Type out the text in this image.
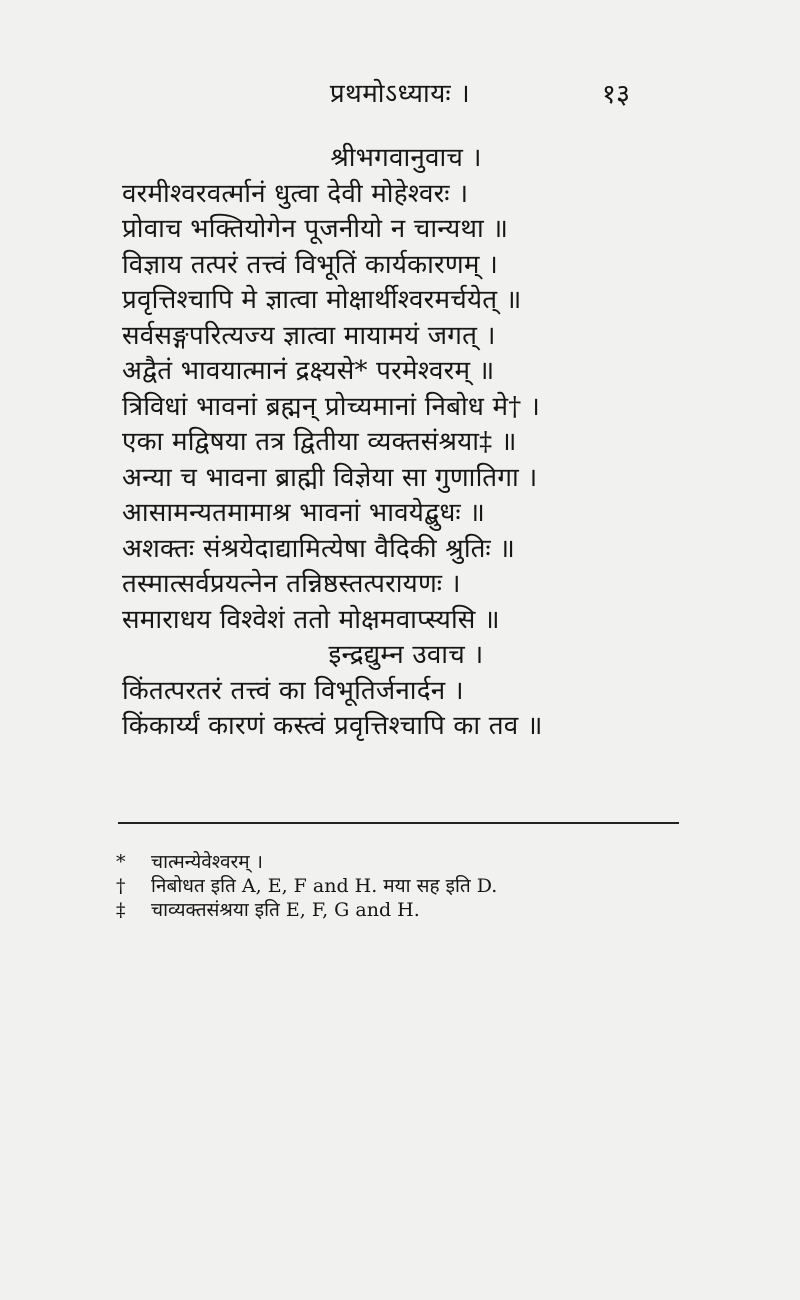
प्रथमोऽध्यायः ।	१३
श्रीभगवानुवाच ।
वरमीश्वरवर्त्मानं धुत्वा देवी मोहेश्वरः ।
प्रोवाच भक्तियोगेन पूजनीयो न चान्यथा ॥
विज्ञाय तत्परं तत्त्वं विभूतिं कार्यकारणम् ।
प्रवृत्तिश्चापि मे ज्ञात्वा मोक्षार्थीश्वरमर्चयेत् ॥
सर्वसङ्गपरित्यज्य ज्ञात्वा मायामयं जगत् ।
अद्वैतं भावयात्मानं द्रक्ष्यसे* परमेश्वरम् ॥
त्रिविधां भावनां ब्रह्मन् प्रोच्यमानां निबोध मे† ।
एका मद्विषया तत्र द्वितीया व्यक्तसंश्रया‡ ॥
अन्या च भावना ब्राह्मी विज्ञेया सा गुणातिगा ।
आसामन्यतमामाश्र भावनां भावयेद्बुधः ॥
अशक्तः संश्रयेदाद्यामित्येषा वैदिकी श्रुतिः ॥
तस्मात्सर्वप्रयत्नेन तन्निष्ठस्तत्परायणः ।
समाराधय विश्वेशं ततो मोक्षमवाप्स्यसि ॥
इन्द्रद्युम्न उवाच ।
किंतत्परतरं तत्त्वं का विभूतिर्जनार्दन ।
किंकार्य्यं कारणं कस्त्वं प्रवृत्तिश्चापि का तव ॥
* चात्मन्येवेश्वरम् ।
† निबोधत इति A, E, F and H. मया सह इति D.
‡ चाव्यक्तसंश्रया इति E, F, G and H.
